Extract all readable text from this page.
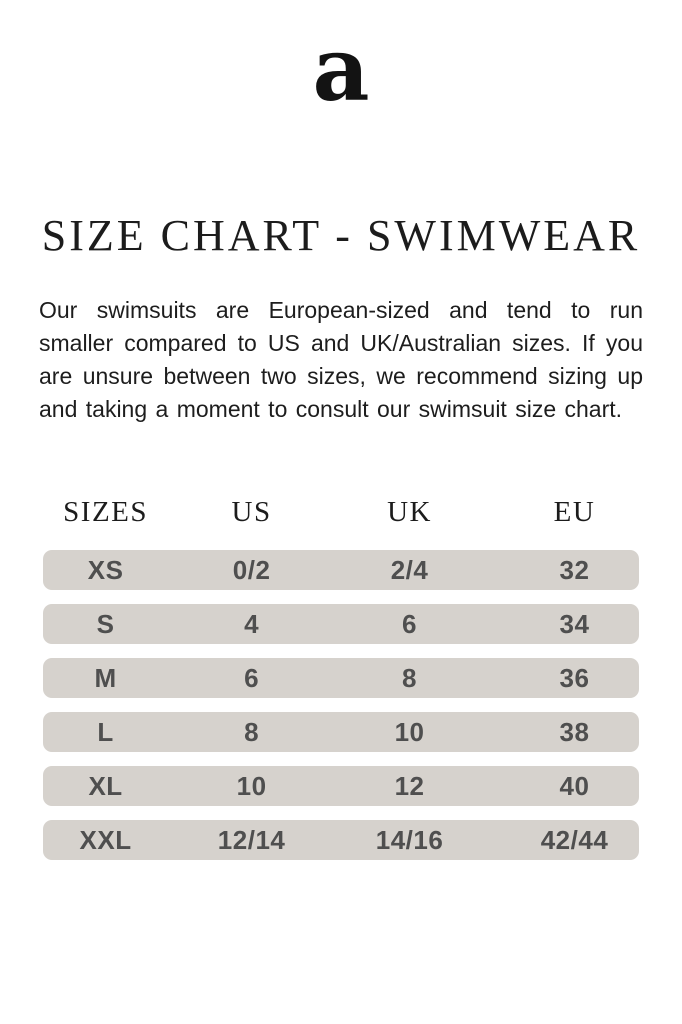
a
SIZE CHART - SWIMWEAR

Our swimsuits are European-sized and tend to run smaller compared to US and UK/Australian sizes. If you are unsure between two sizes, we recommend sizing up and taking a moment to consult our swimsuit size chart.

SIZES	US	UK	EU
XS	0/2	2/4	32
S	4	6	34
M	6	8	36
L	8	10	38
XL	10	12	40
XXL	12/14	14/16	42/44
